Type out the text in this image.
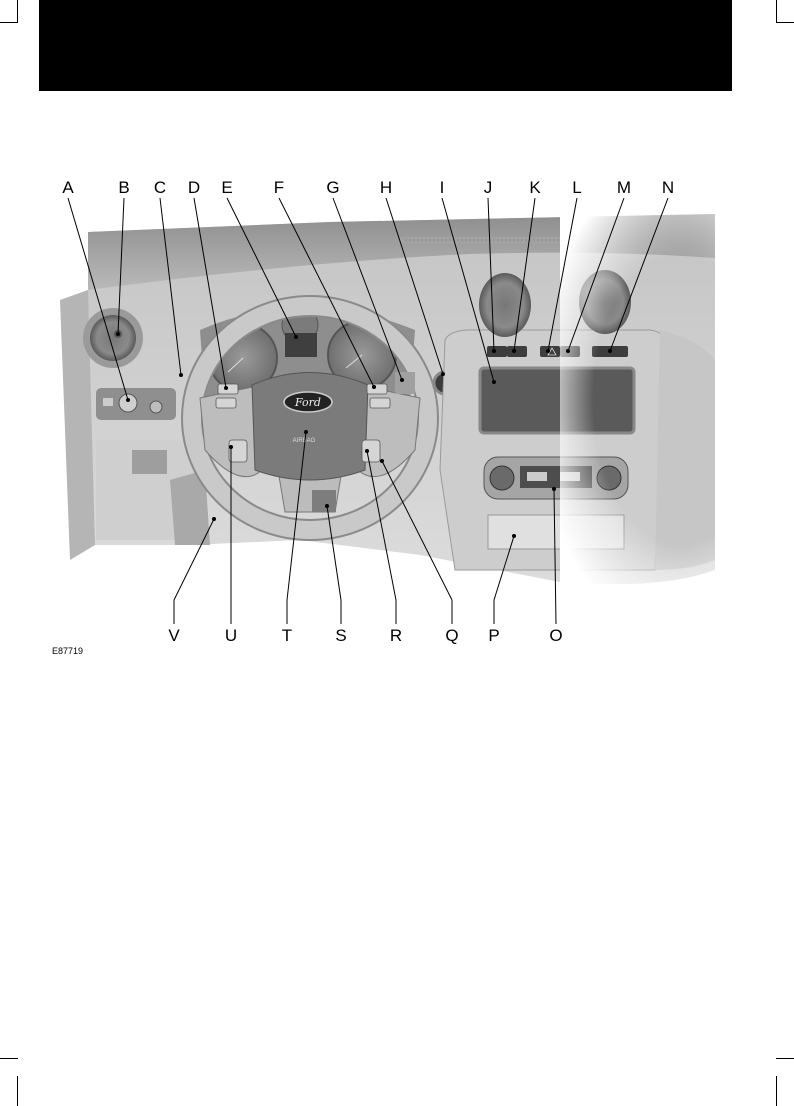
A	B C D E F G H	I	J	K	L	M N
V	U	T	S	R	Q P	O
Ford
AIRBAG
E87719
